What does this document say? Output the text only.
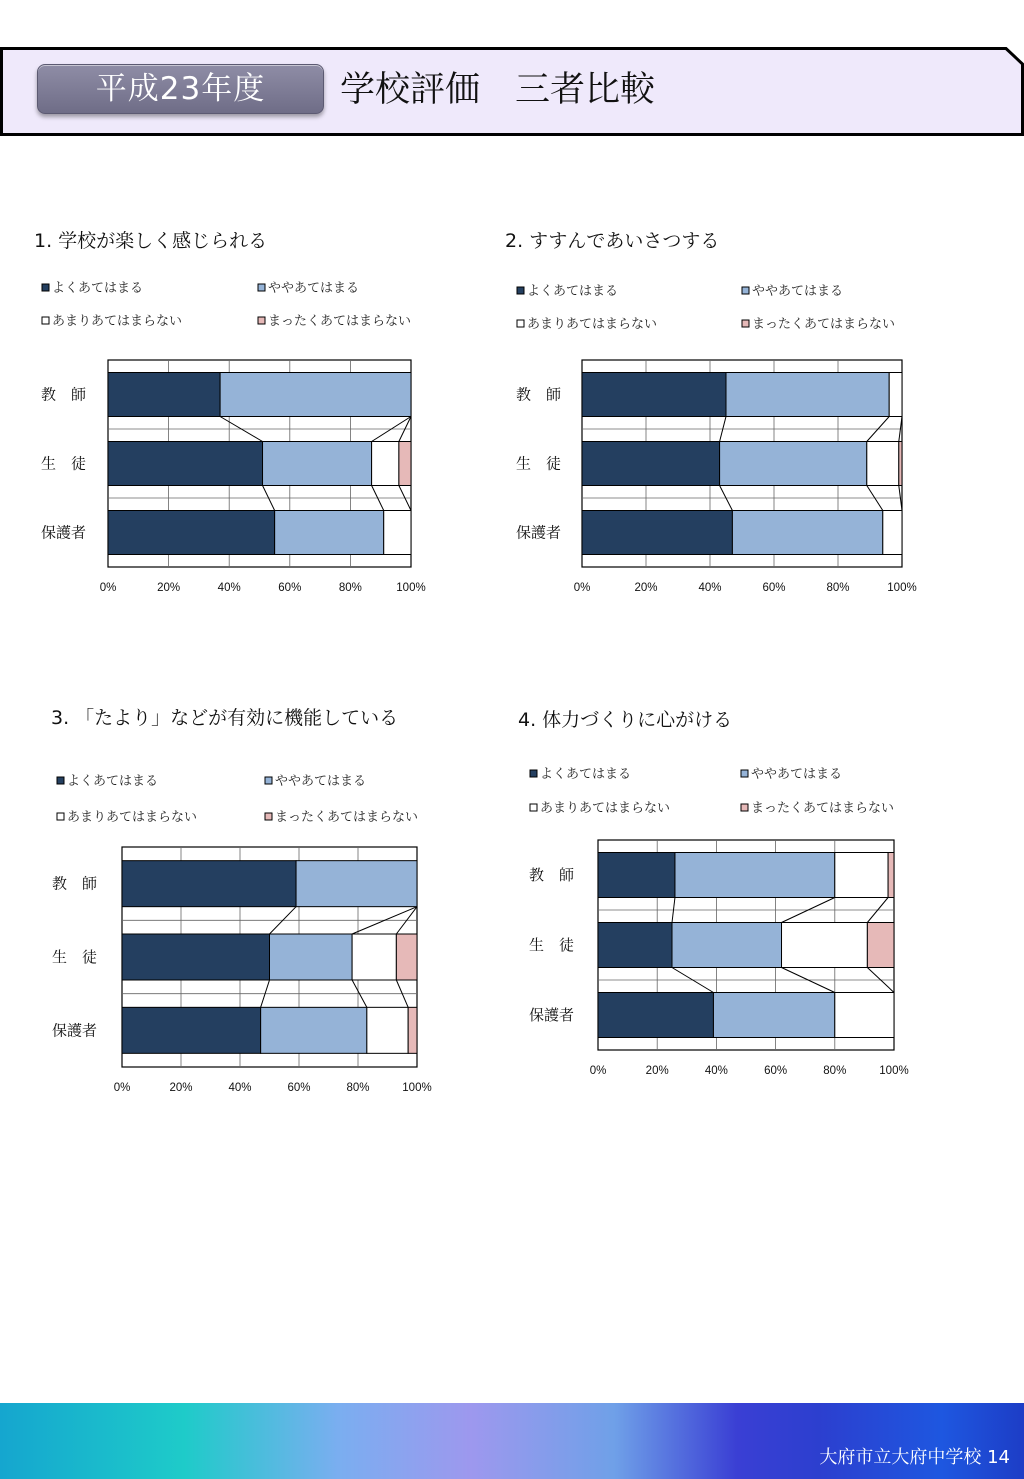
平成23年度	学校評価　三者比較
1. 学校が楽しく感じられる
よくあてはまる	ややあてはまる
あまりあてはまらない	まったくあてはまらない
教　師
生　徒
保護者
0%	20%	40%	60%	80%	100%
2. すすんであいさつする
よくあてはまる	ややあてはまる
あまりあてはまらない	まったくあてはまらない
教　師
生　徒
保護者
0%	20%	40%	60%	80%	100%
3. 「たより」などが有効に機能している
よくあてはまる	ややあてはまる
あまりあてはまらない	まったくあてはまらない
教　師
生　徒
保護者
0%	20%	40%	60%	80%	100%
4. 体力づくりに心がける
よくあてはまる	ややあてはまる
あまりあてはまらない	まったくあてはまらない
教　師
生　徒
保護者
0%	20%	40%	60%	80%	100%
大府市立大府中学校 14
